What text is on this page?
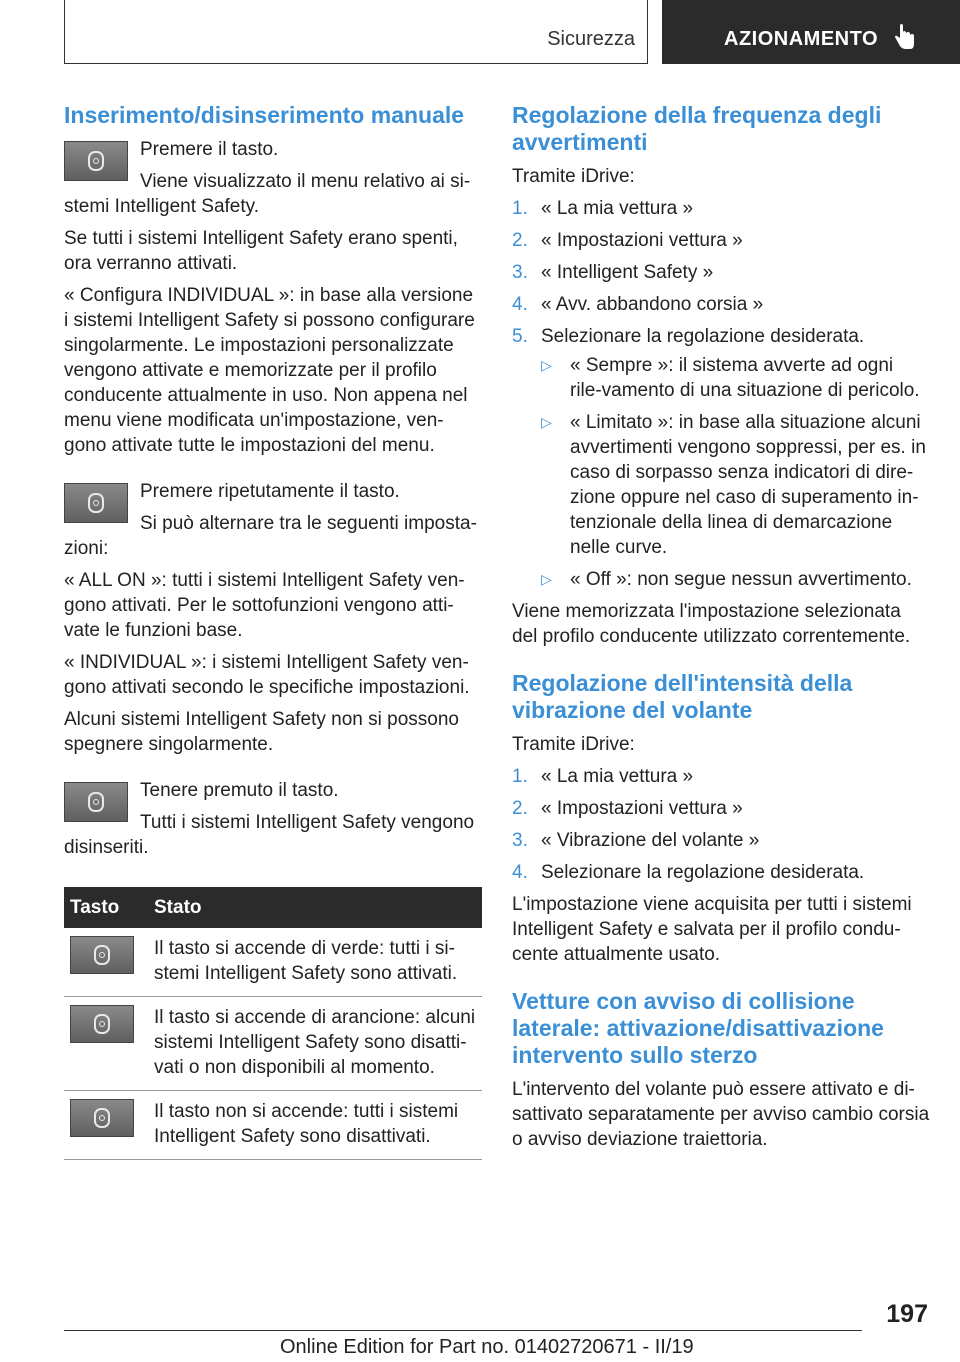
Sicurezza	AZIONAMENTO
Inserimento/disinserimento manuale

Premere il tasto.

Viene visualizzato il menu relativo ai si-stemi Intelligent Safety.

Se tutti i sistemi Intelligent Safety erano spenti, ora verranno attivati.

« Configura INDIVIDUAL »: in base alla versione i sistemi Intelligent Safety si possono configurare singolarmente. Le impostazioni personalizzate vengono attivate e memorizzate per il profilo conducente attualmente in uso. Non appena nel menu viene modificata un'impostazione, ven-gono attivate tutte le impostazioni del menu.

Premere ripetutamente il tasto.

Si può alternare tra le seguenti imposta-zioni:

« ALL ON »: tutti i sistemi Intelligent Safety ven-gono attivati. Per le sottofunzioni vengono atti-vate le funzioni base.

« INDIVIDUAL »: i sistemi Intelligent Safety ven-gono attivati secondo le specifiche impostazioni.

Alcuni sistemi Intelligent Safety non si possono spegnere singolarmente.

Tenere premuto il tasto.

Tutti i sistemi Intelligent Safety vengono disinseriti.

Tasto	Stato

	Il tasto si accende di verde: tutti i si-stemi Intelligent Safety sono attivati.

	Il tasto si accende di arancione: alcuni sistemi Intelligent Safety sono disatti-vati o non disponibili al momento.

	Il tasto non si accende: tutti i sistemi Intelligent Safety sono disattivati.
Regolazione della frequenza degli avvertimenti

Tramite iDrive:

1. « La mia vettura »
2. « Impostazioni vettura »
3. « Intelligent Safety »
4. « Avv. abbandono corsia »
5. Selezionare la regolazione desiderata.
▷ « Sempre »: il sistema avverte ad ogni rile-vamento di una situazione di pericolo.
▷ « Limitato »: in base alla situazione alcuni avvertimenti vengono soppressi, per es. in caso di sorpasso senza indicatori di dire-zione oppure nel caso di superamento in-tenzionale della linea di demarcazione nelle curve.
▷ « Off »: non segue nessun avvertimento.

Viene memorizzata l'impostazione selezionata del profilo conducente utilizzato correntemente.

Regolazione dell'intensità della vibrazione del volante

Tramite iDrive:

1. « La mia vettura »
2. « Impostazioni vettura »
3. « Vibrazione del volante »
4. Selezionare la regolazione desiderata.

L'impostazione viene acquisita per tutti i sistemi Intelligent Safety e salvata per il profilo condu-cente attualmente usato.

Vetture con avviso di collisione laterale: attivazione/disattivazione intervento sullo sterzo

L'intervento del volante può essere attivato e di-sattivato separatamente per avviso cambio corsia o avviso deviazione traiettoria.

197
Online Edition for Part no. 01402720671 - II/19
